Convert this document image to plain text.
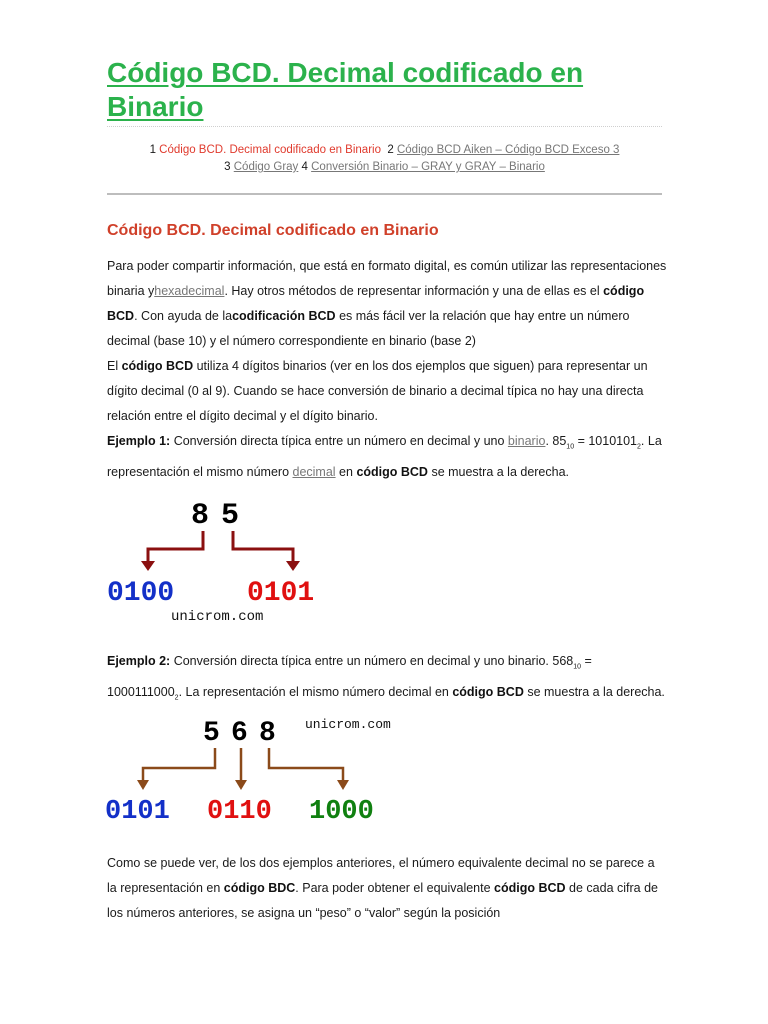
Código BCD. Decimal codificado en Binario
1 Código BCD. Decimal codificado en Binario 2 Código BCD Aiken – Código BCD Exceso 3
3 Código Gray 4 Conversión Binario – GRAY y GRAY – Binario
Código BCD. Decimal codificado en Binario

Para poder compartir información, que está en formato digital, es común utilizar las representaciones binaria yhexadecimal. Hay otros métodos de representar información y una de ellas es el código BCD. Con ayuda de lacodificación BCD es más fácil ver la relación que hay entre un número decimal (base 10) y el número correspondiente en binario (base 2)

El código BCD utiliza 4 dígitos binarios (ver en los dos ejemplos que siguen) para representar un dígito decimal (0 al 9). Cuando se hace conversión de binario a decimal típica no hay una directa relación entre el dígito decimal y el dígito binario.

Ejemplo 1: Conversión directa típica entre un número en decimal y uno binario. $85_{10} = 1010101_2$. La representación el mismo número decimal en código BCD se muestra a la derecha.

8 5
0100	0101
unicrom.com

Ejemplo 2: Conversión directa típica entre un número en decimal y uno binario. $568_{10} = 1000111000_2$. La representación el mismo número decimal en código BCD se muestra a la derecha.

5 6 8 unicrom.com
0101 0110 1000

Como se puede ver, de los dos ejemplos anteriores, el número equivalente decimal no se parece a la representación en código BDC. Para poder obtener el equivalente código BCD de cada cifra de los números anteriores, se asigna un “peso” o “valor” según la posición
